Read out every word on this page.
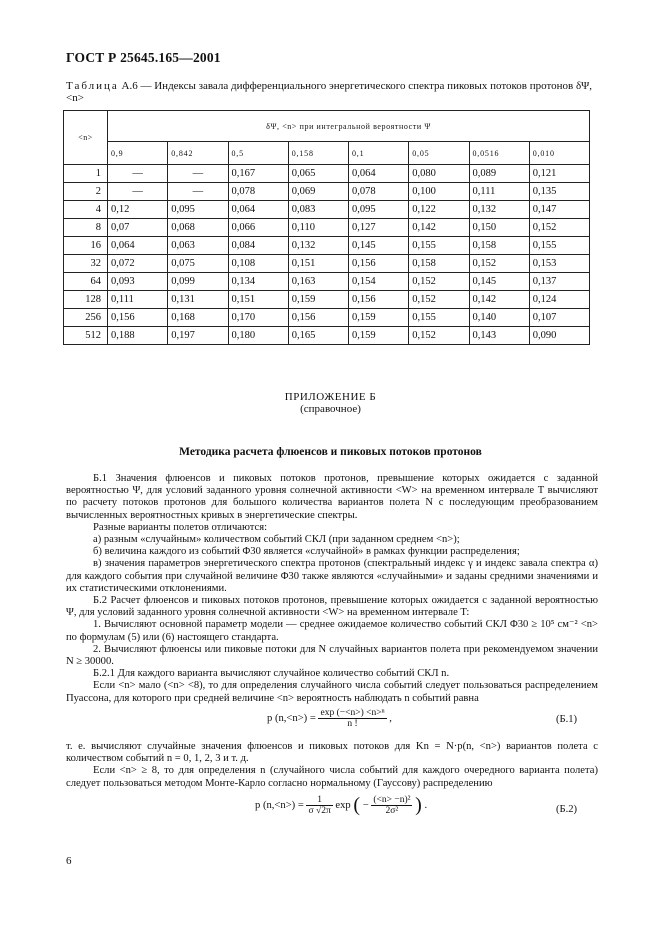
ГОСТ Р 25645.165—2001
Таблица А.6 — Индексы завала дифференциального энергетического спектра пиковых потоков протонов δΨ, <n>
<n>	δΨ, <n> при интегральной вероятности Ψ							
	0,9	0,842	0,5	0,158	0,1	0,05	0,0516	0,010
1	—	—	0,167	0,065	0,064	0,080	0,089	0,121
2	—	—	0,078	0,069	0,078	0,100	0,111	0,135
4	0,12	0,095	0,064	0,083	0,095	0,122	0,132	0,147
8	0,07	0,068	0,066	0,110	0,127	0,142	0,150	0,152
16	0,064	0,063	0,084	0,132	0,145	0,155	0,158	0,155
32	0,072	0,075	0,108	0,151	0,156	0,158	0,152	0,153
64	0,093	0,099	0,134	0,163	0,154	0,152	0,145	0,137
128	0,111	0,131	0,151	0,159	0,156	0,152	0,142	0,124
256	0,156	0,168	0,170	0,156	0,159	0,155	0,140	0,107
512	0,188	0,197	0,180	0,165	0,159	0,152	0,143	0,090
ПРИЛОЖЕНИЕ Б
(справочное)
Методика расчета флюенсов и пиковых потоков протонов

Б.1 Значения флюенсов и пиковых потоков протонов, превышение которых ожидается с заданной вероятностью Ψ, для условий заданного уровня солнечной активности <W> на временном интервале T вычисляют по расчету потоков протонов для большого количества вариантов полета N с последующим преобразованием вычисленных вероятностных кривых в энергетические спектры.

Разные варианты полетов отличаются:

а) разным «случайным» количеством событий СКЛ (при заданном среднем <n>);

б) величина каждого из событий Φ30 является «случайной» в рамках функции распределения;

в) значения параметров энергетического спектра протонов (спектральный индекс γ и индекс завала спектра α) для каждого события при случайной величине Φ30 также являются «случайными» и заданы средними значениями и их статистическими отклонениями.

Б.2 Расчет флюенсов и пиковых потоков протонов, превышение которых ожидается с заданной вероятностью Ψ, для условий заданного уровня солнечной активности <W> на временном интервале T:

1. Вычисляют основной параметр модели — среднее ожидаемое количество событий СКЛ Φ30 ≥ 10⁵ см⁻² <n> по формулам (5) или (6) настоящего стандарта.

2. Вычисляют флюенсы или пиковые потоки для N случайных вариантов полета при рекомендуемом значении N ≥ 30000.

Б.2.1 Для каждого варианта вычисляют случайное количество событий СКЛ n.

Если <n> мало (<n> <8), то для определения случайного числа событий следует пользоваться распределением Пуассона, для которого при средней величине <n> вероятность наблюдать n событий равна

p $(n,<n>) = \frac{\text{exp (−<n>) <n>ⁿ}}{n !}$ ,	(Б.1)

т. е. вычисляют случайные значения флюенсов и пиковых потоков для Kn = N·p(n, <n>) вариантов полета с количеством событий n = 0, 1, 2, 3 и т. д.

Если <n> ≥ 8, то для определения n (случайного числа событий для каждого очередного варианта полета) следует пользоваться методом Монте-Карло согласно нормальному (Гауссову) распределению

p $(n,<n>) = \frac{1}{\sigma √2\pi}$ exp ( − $\frac{\text{(<n> −n)²}}{\text{2σ²}}$ ) .	(Б.2)
6
